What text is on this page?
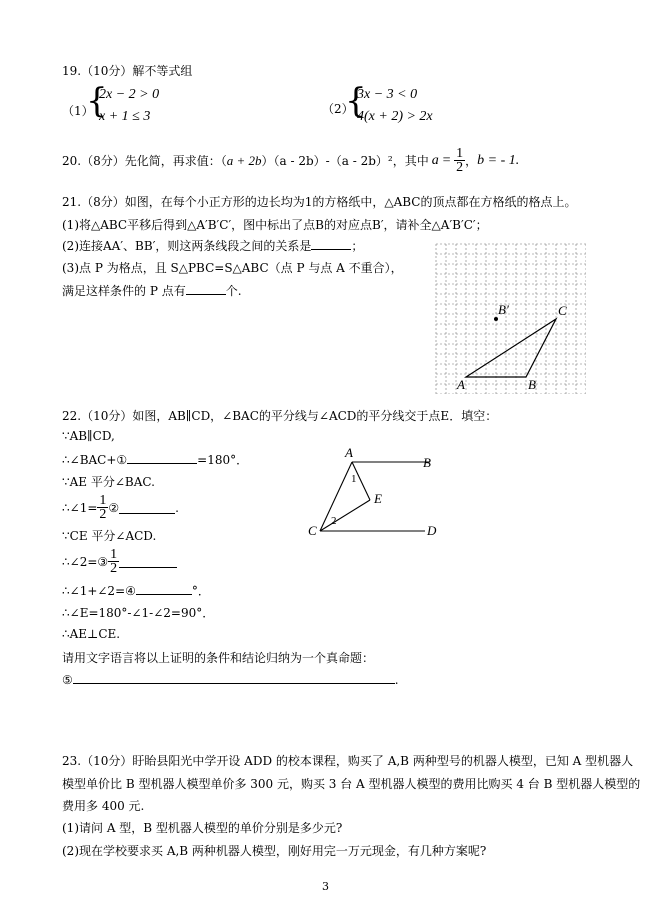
19.（10分）解不等式组
（1）
{
2x − 2 > 0
x + 1 ≤ 3	（2）
{
3x − 3 < 0
4(x + 2) > 2x
20.（8分）先化简，再求值：（ a + 2b ）（a - 2b）-（a - 2b）²，其中 $a = \frac{1}{2}$ ， b = - 1.
21.（8分）如图，在每个小正方形的边长均为1的方格纸中，△ABC的顶点都在方格纸的格点上。
(1)将△ABC平移后得到△A′B′C′，图中标出了点B的对应点B′，请补全△A′B′C′；
(2)连接AA′、BB′，则这两条线段之间的关系是	；
(3)点 P 为格点，且 S△PBC=S△ABC（点 P 与点 A 不重合），
满足这样条件的 P 点有	个.
A	B
C
B′
22.（10分）如图，AB∥CD，∠BAC的平分线与∠ACD的平分线交于点E．填空：
∵AB∥CD,
∴∠BAC+①	=180°．
∵AE 平分∠BAC.
∴∠1= $\frac{1}{2}$ ②	.
∵CE 平分∠ACD.
∴∠2=③ $\frac{1}{2}$
∴∠1+∠2=④	°．
∴∠E=180°-∠1-∠2=90°．
∴AE⊥CE.
请用文字语言将以上证明的条件和结论归纳为一个真命题：
⑤	.
A
B
C	D
E
1
2
23.（10分）盱眙县阳光中学开设 ADD 的校本课程，购买了 A,B 两种型号的机器人模型，已知 A 型机器人
模型单价比 B 型机器人模型单价多 300 元，购买 3 台 A 型机器人模型的费用比购买 4 台 B 型机器人模型的
费用多 400 元.
(1)请问 A 型，B 型机器人模型的单价分别是多少元?
(2)现在学校要求买 A,B 两种机器人模型，刚好用完一万元现金，有几种方案呢?
3
